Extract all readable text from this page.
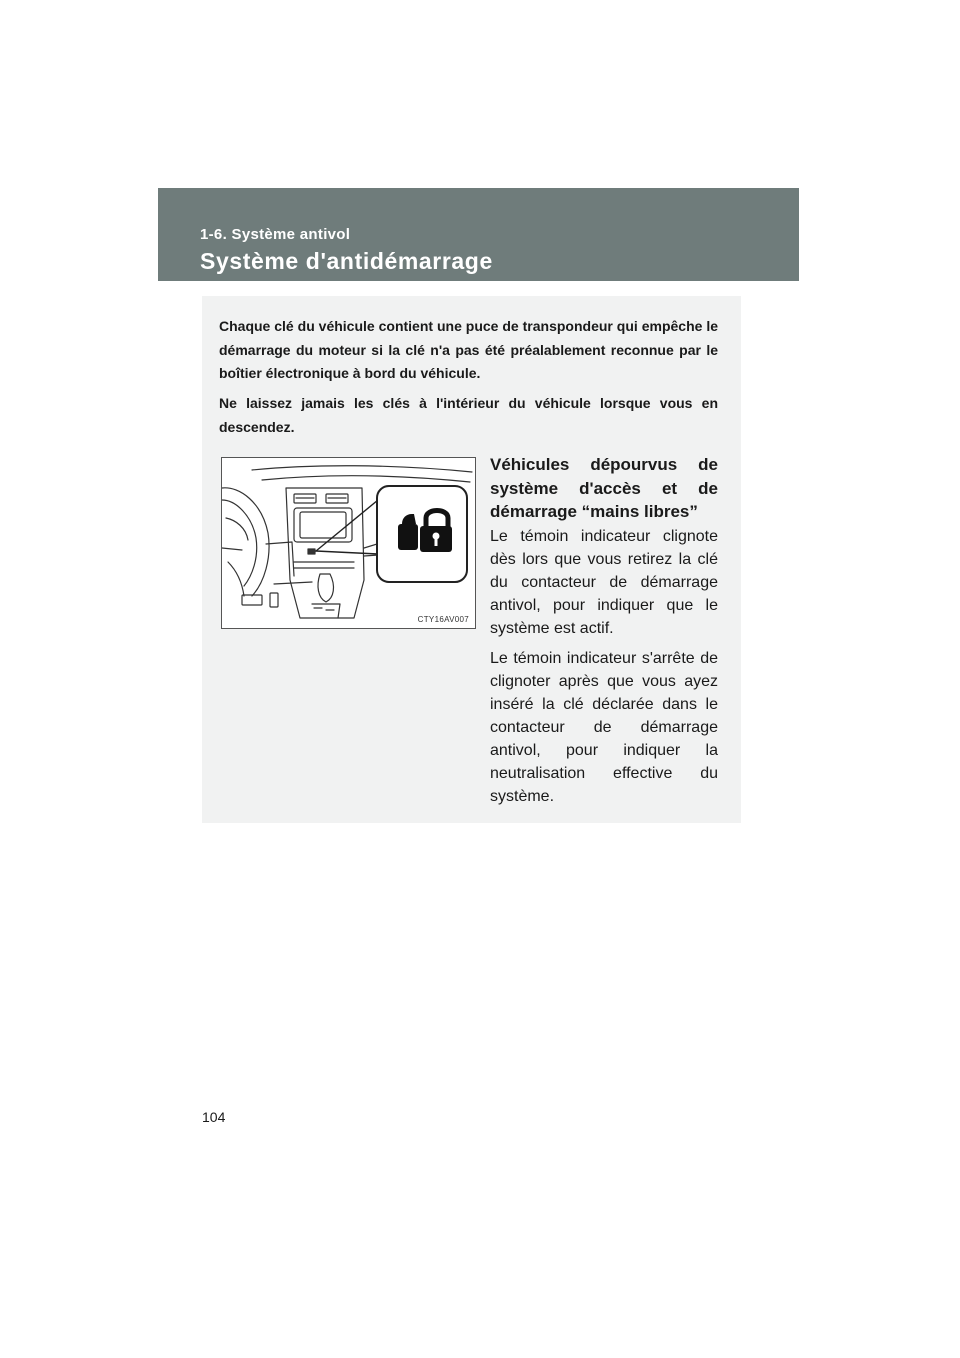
1-6. Système antivol
Système d'antidémarrage

Chaque clé du véhicule contient une puce de transpondeur qui empêche le démarrage du moteur si la clé n'a pas été préalablement reconnue par le boîtier électronique à bord du véhicule.

Ne laissez jamais les clés à l'intérieur du véhicule lorsque vous en descendez.

CTY16AV007
Véhicules dépourvus de système d'accès et de démarrage “mains libres”

Le témoin indicateur clignote dès lors que vous retirez la clé du contacteur de démarrage antivol, pour indiquer que le système est actif.

Le témoin indicateur s'arrête de clignoter après que vous ayez inséré la clé déclarée dans le contacteur de démarrage antivol, pour indiquer la neutralisation effective du système.

104
